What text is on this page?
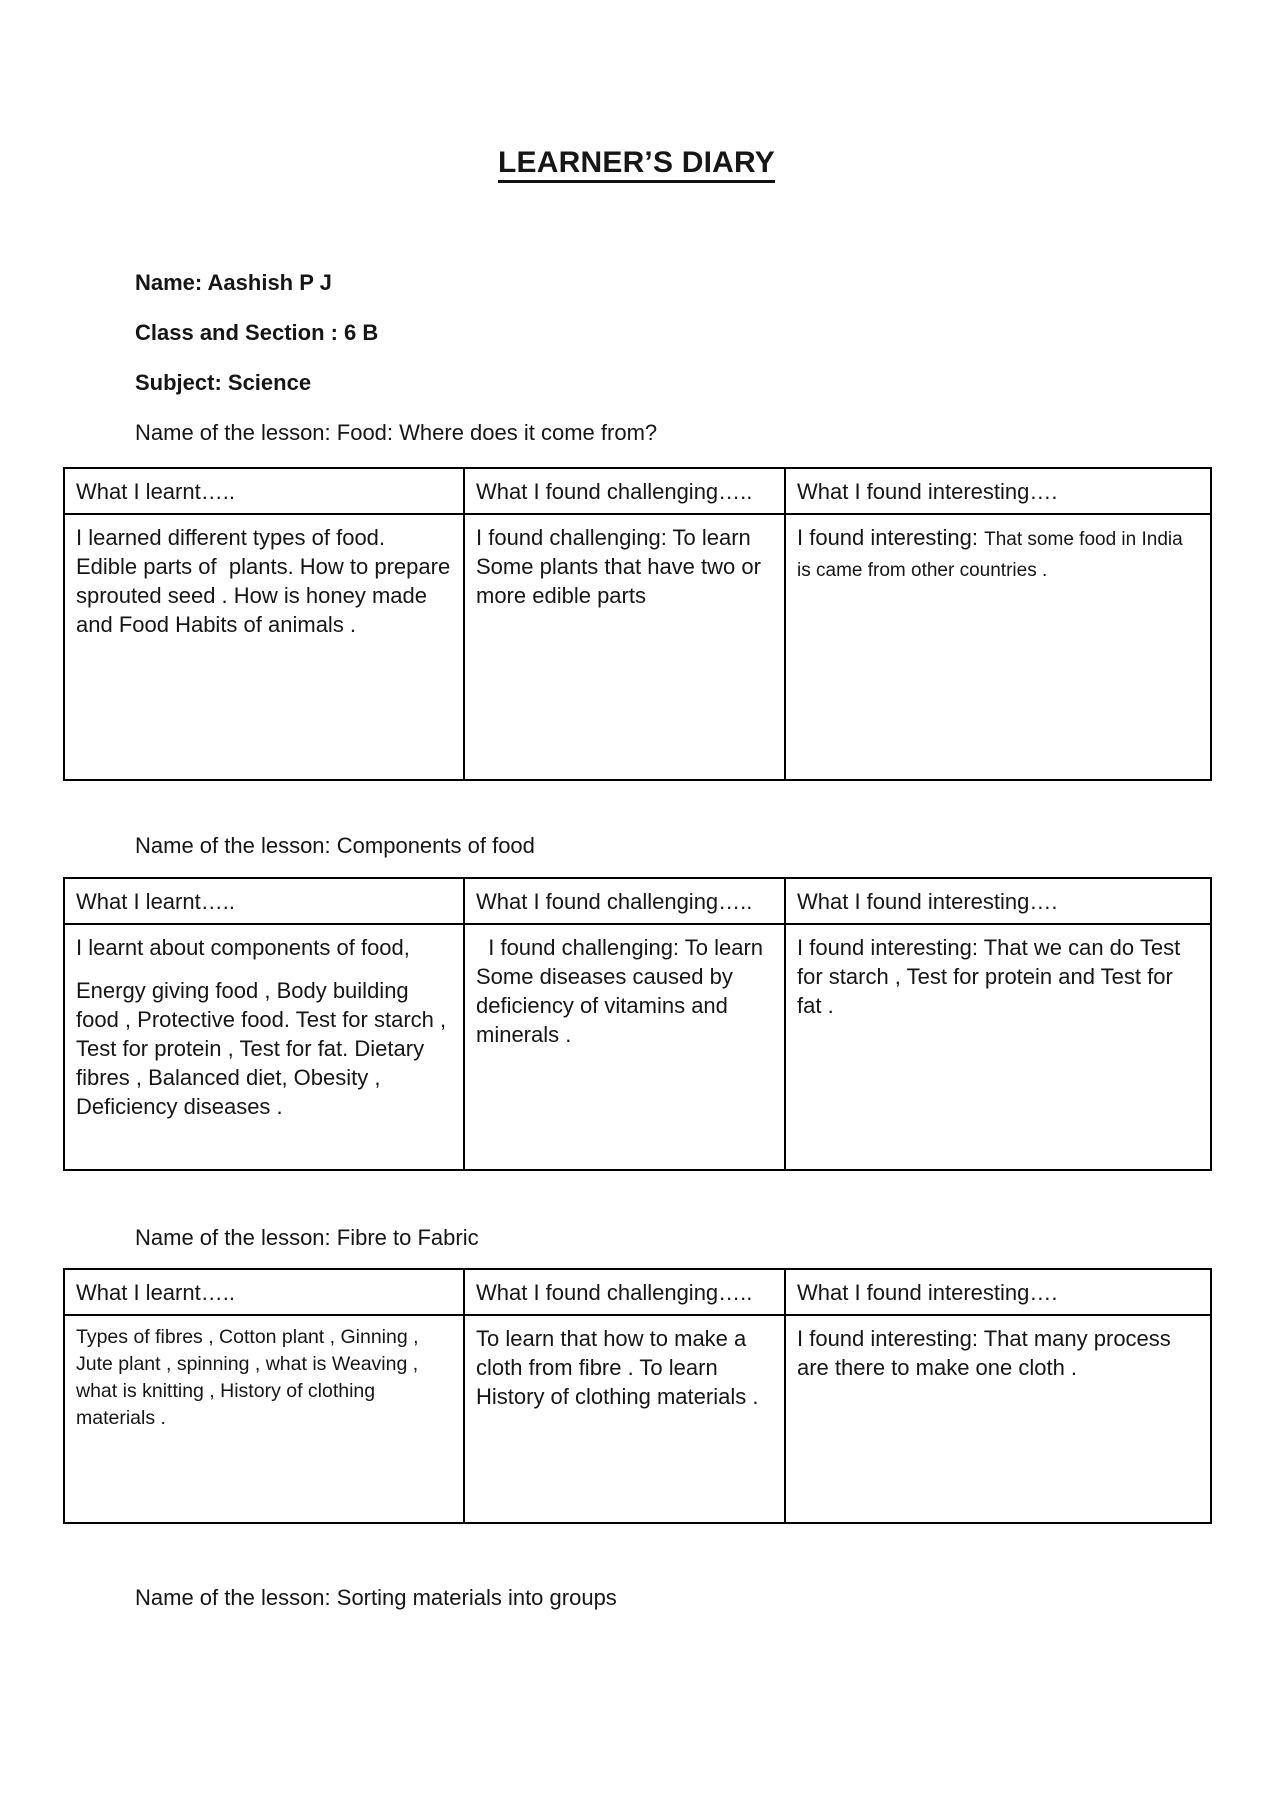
LEARNER’S DIARY
Name: Aashish P J
Class and Section : 6 B
Subject: Science
Name of the lesson: Food: Where does it come from?
What I learnt…..	What I found challenging…..	What I found interesting….

I learned different types of food. Edible parts of  plants. How to prepare sprouted seed . How is honey made and Food Habits of animals .	I found challenging: To learn Some plants that have two or more edible parts	I found interesting: That some food in India is came from other countries .

Name of the lesson: Components of food
What I learnt…..	What I found challenging…..	What I found interesting….

I learnt about components of food,

Energy giving food , Body building food , Protective food. Test for starch , Test for protein , Test for fat. Dietary fibres , Balanced diet, Obesity , Deficiency diseases .	I found challenging: To learn Some diseases caused by deficiency of vitamins and minerals .	I found interesting: That we can do Test for starch , Test for protein and Test for fat .

Name of the lesson: Fibre to Fabric
What I learnt…..	What I found challenging…..	What I found interesting….

Types of fibres , Cotton plant , Ginning , Jute plant , spinning , what is Weaving , what is knitting , History of clothing materials .	To learn that how to make a cloth from fibre . To learn History of clothing materials .	I found interesting: That many process are there to make one cloth .

Name of the lesson: Sorting materials into groups
